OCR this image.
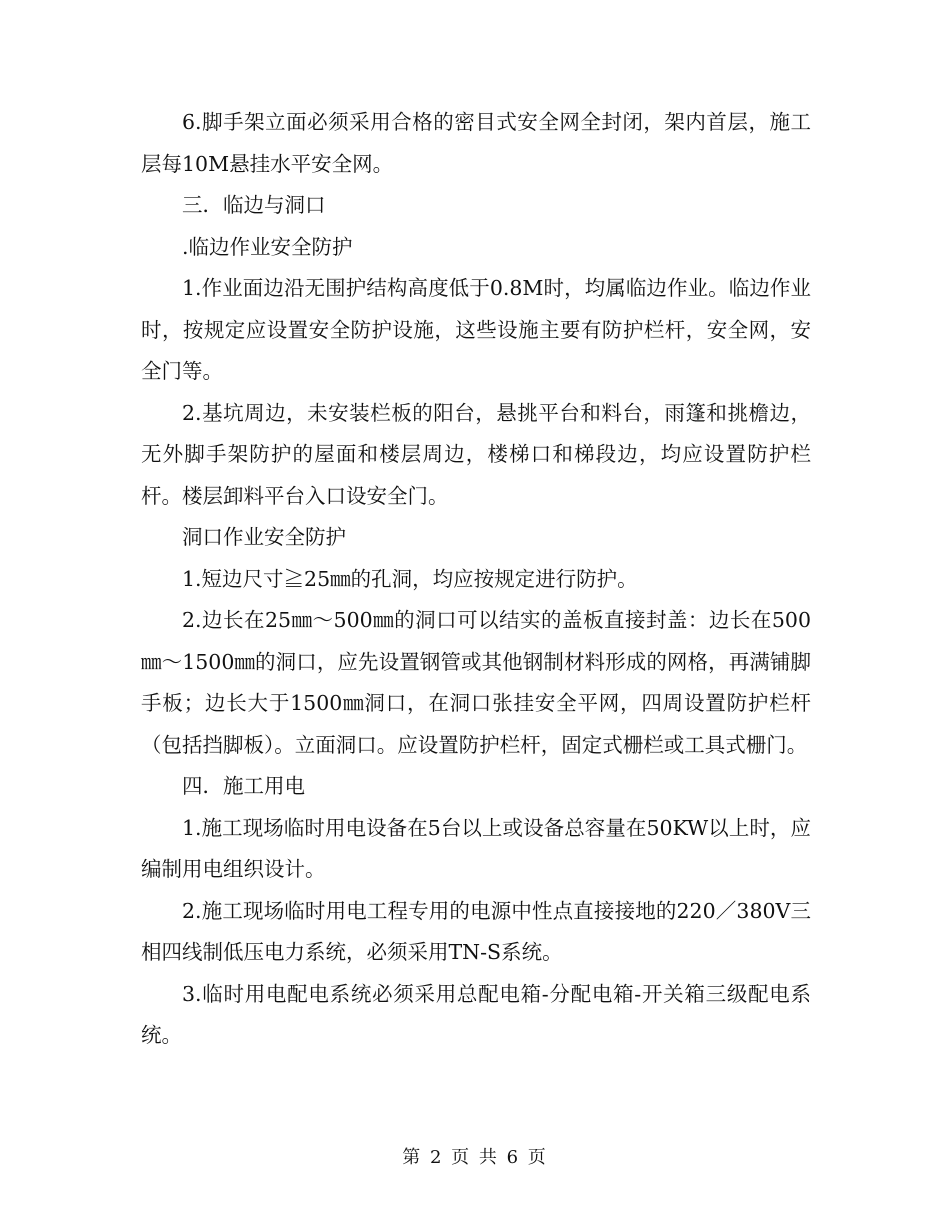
6.脚手架立面必须采用合格的密目式安全网全封闭，架内首层，施工层每10M悬挂水平安全网。

三．临边与洞口

.临边作业安全防护

1.作业面边沿无围护结构高度低于0.8M时，均属临边作业。临边作业时，按规定应设置安全防护设施，这些设施主要有防护栏杆，安全网，安全门等。

2.基坑周边，未安装栏板的阳台，悬挑平台和料台，雨篷和挑檐边，无外脚手架防护的屋面和楼层周边，楼梯口和梯段边，均应设置防护栏杆。楼层卸料平台入口设安全门。

洞口作业安全防护

1.短边尺寸≧25㎜的孔洞，均应按规定进行防护。

2.边长在25㎜～500㎜的洞口可以结实的盖板直接封盖：边长在500㎜～1500㎜的洞口，应先设置钢管或其他钢制材料形成的网格，再满铺脚手板；边长大于1500㎜洞口，在洞口张挂安全平网，四周设置防护栏杆（包括挡脚板）。立面洞口。应设置防护栏杆，固定式栅栏或工具式栅门。

四．施工用电

1.施工现场临时用电设备在5台以上或设备总容量在50KW以上时，应编制用电组织设计。

2.施工现场临时用电工程专用的电源中性点直接接地的220／380V三相四线制低压电力系统，必须采用TN-S系统。

3.临时用电配电系统必须采用总配电箱-分配电箱-开关箱三级配电系统。

第 2 页 共 6 页
